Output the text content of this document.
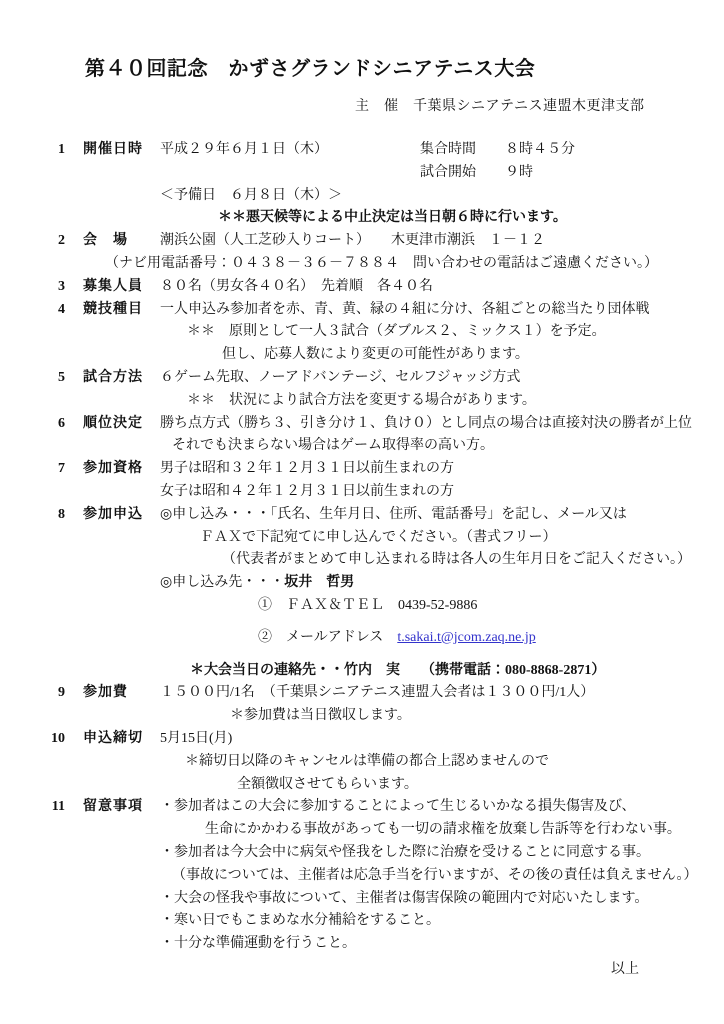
第４０回記念　かずさグランドシニアテニス大会
主　催　 千葉県シニアテニス連盟木更津支部
1 開催日時	平成２９年６月１日（木）	集合時間	８時４５分
試合開始	９時
＜予備日　６月８日（木）＞
＊＊悪天候等による中止決定は当日朝６時に行います。
2 会　場	潮浜公園（人工芝砂入りコート）　　木更津市潮浜　１－１２
（ナビ用電話番号：０４３８－３６－７８８４　問い合わせの電話はご遠慮ください。）
3 募集人員	８０名（男女各４０名）　先着順　各４０名
4 競技種目	一人申込み参加者を赤、青、黄、緑の４組に分け、各組ごとの総当たり団体戦
＊＊　原則として一人３試合（ダブルス２、ミックス１）を予定。
但し、応募人数により変更の可能性があります。
5 試合方法	６ゲーム先取、ノーアドバンテージ、セルフジャッジ方式
＊＊　状況により試合方法を変更する場合があります。
6 順位決定	勝ち点方式（勝ち３、引き分け１、負け０）とし同点の場合は直接対決の勝者が上位
それでも決まらない場合はゲーム取得率の高い方。
7 参加資格	男子は昭和３２年１２月３１日以前生まれの方
女子は昭和４２年１２月３１日以前生まれの方
8 参加申込	◎申し込み・・・「氏名、生年月日、住所、電話番号」を記し、メール又は
ＦＡＸで下記宛てに申し込んでください。（書式フリー）
（代表者がまとめて申し込まれる時は各人の生年月日をご記入ください。）
◎申し込み先・・・坂井　哲男
①　ＦＡＸ＆ＴＥＬ　0439-52-9886
②　メールアドレス t.sakai.t@jcom.zaq.ne.jp
＊大会当日の連絡先・・竹内　実　　（携帯電話：080-8868-2871）
9 参加費	１５００円/1名　（千葉県シニアテニス連盟入会者は１３００円/1人）
＊参加費は当日徴収します。
10 申込締切	5月15日(月)
＊締切日以降のキャンセルは準備の都合上認めませんので
全額徴収させてもらいます。
11 留意事項	・参加者はこの大会に参加することによって生じるいかなる損失傷害及び、
生命にかかわる事故があっても一切の請求権を放棄し告訴等を行わない事。
・参加者は今大会中に病気や怪我をした際に治療を受けることに同意する事。
（事故については、主催者は応急手当を行いますが、その後の責任は負えません。）
・大会の怪我や事故について、主催者は傷害保険の範囲内で対応いたします。
・寒い日でもこまめな水分補給をすること。
・十分な準備運動を行うこと。
以上
